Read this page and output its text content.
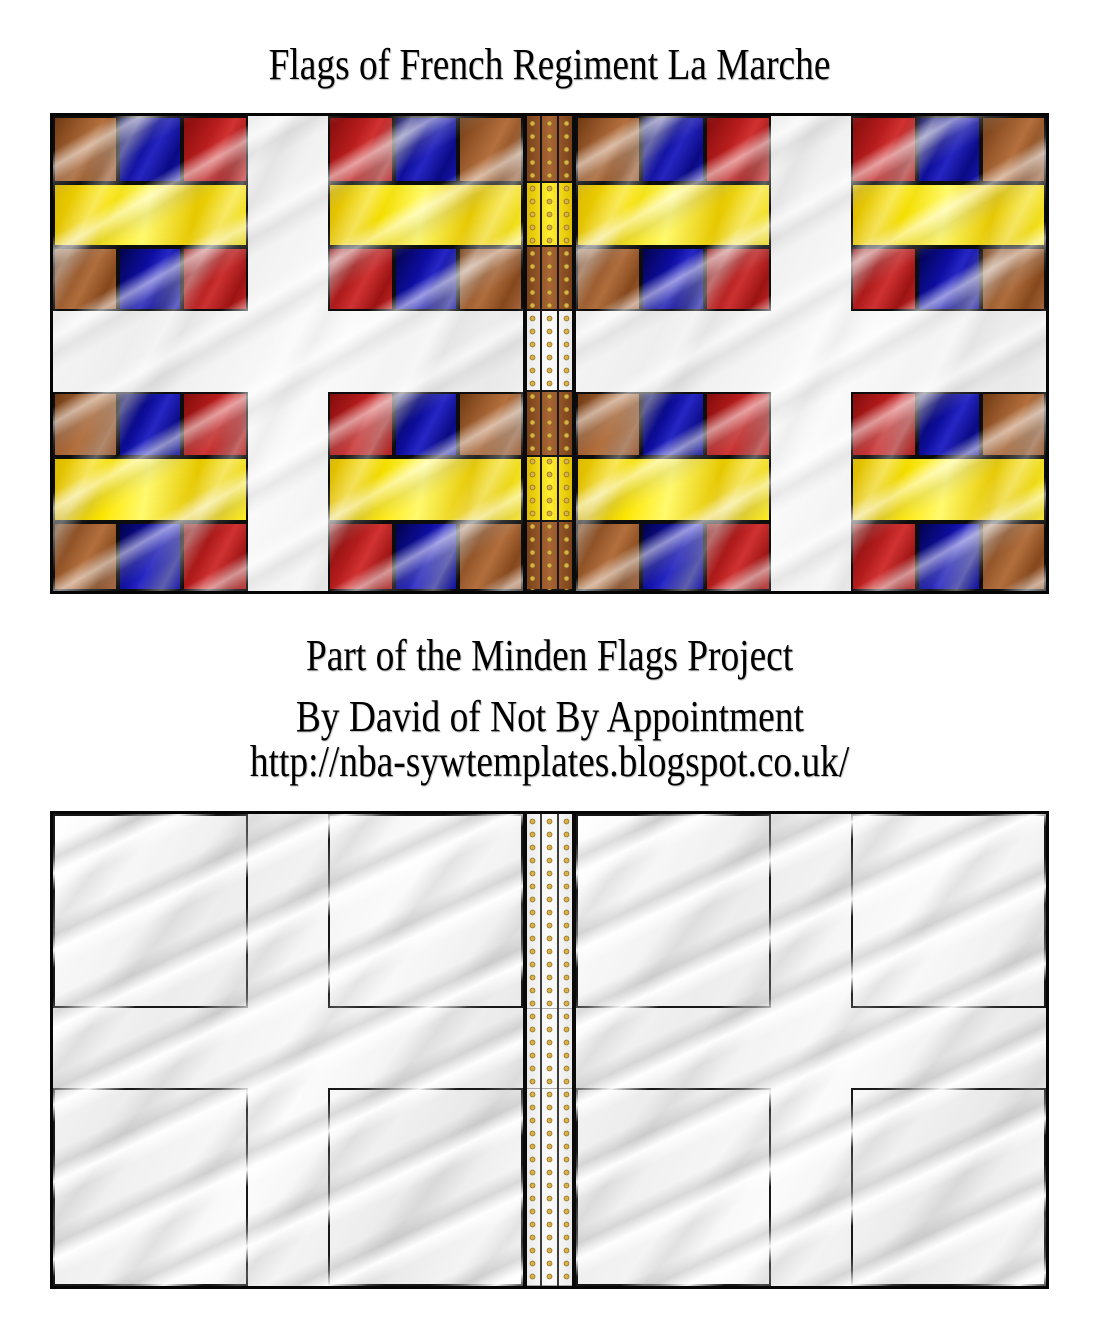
Flags of French Regiment La Marche
Part of the Minden Flags Project
By David of Not By Appointment
http://nba-sywtemplates.blogspot.co.uk/
